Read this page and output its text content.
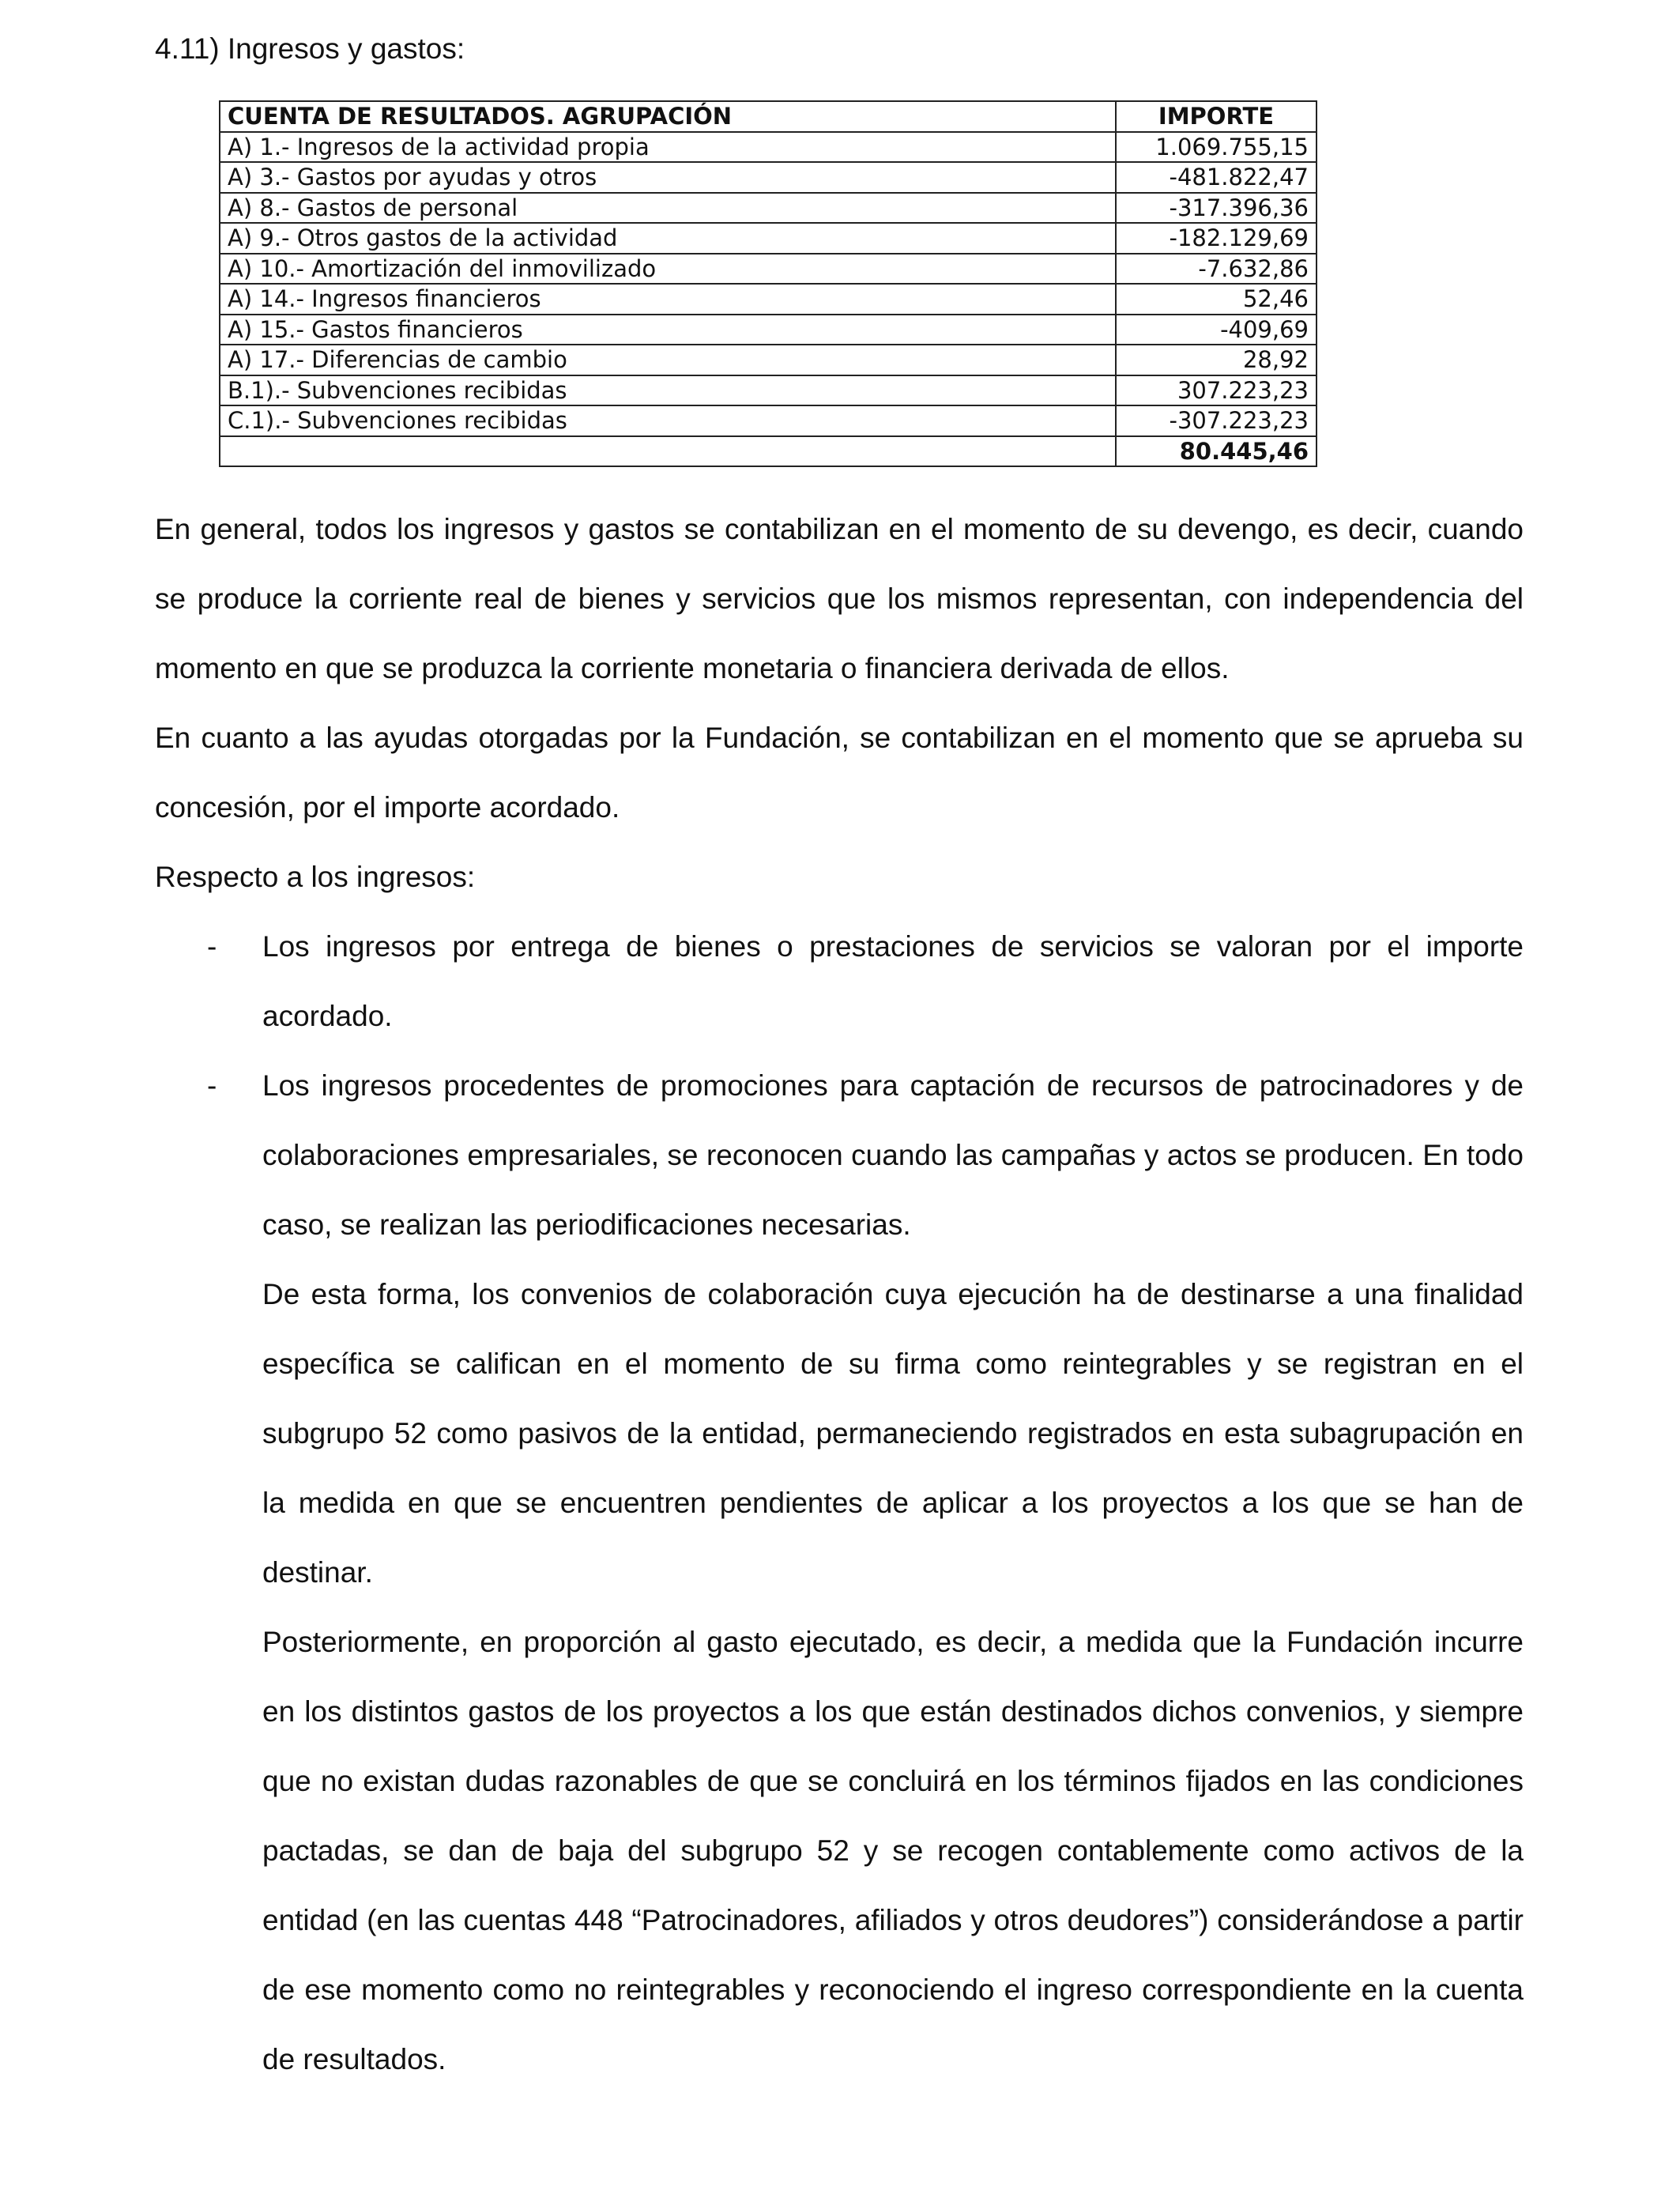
4.11) Ingresos y gastos:
CUENTA DE RESULTADOS. AGRUPACIÓN	IMPORTE
A) 1.- Ingresos de la actividad propia	1.069.755,15
A) 3.- Gastos por ayudas y otros	-481.822,47
A) 8.- Gastos de personal	-317.396,36
A) 9.- Otros gastos de la actividad	-182.129,69
A) 10.- Amortización del inmovilizado	-7.632,86
A) 14.- Ingresos financieros	52,46
A) 15.- Gastos financieros	-409,69
A) 17.- Diferencias de cambio	28,92
B.1).- Subvenciones recibidas	307.223,23
C.1).- Subvenciones recibidas	-307.223,23
	80.445,46
En general, todos los ingresos y gastos se contabilizan en el momento de su devengo, es decir, cuando se produce la corriente real de bienes y servicios que los mismos representan, con independencia del momento en que se produzca la corriente monetaria o financiera derivada de ellos.
En cuanto a las ayudas otorgadas por la Fundación, se contabilizan en el momento que se aprueba su concesión, por el importe acordado.
Respecto a los ingresos:
- Los ingresos por entrega de bienes o prestaciones de servicios se valoran por el importe acordado.
- Los ingresos procedentes de promociones para captación de recursos de patrocinadores y de colaboraciones empresariales, se reconocen cuando las campañas y actos se producen. En todo caso, se realizan las periodificaciones necesarias.
De esta forma, los convenios de colaboración cuya ejecución ha de destinarse a una finalidad específica se califican en el momento de su firma como reintegrables y se registran en el subgrupo 52 como pasivos de la entidad, permaneciendo registrados en esta subagrupación en la medida en que se encuentren pendientes de aplicar a los proyectos a los que se han de destinar.
Posteriormente, en proporción al gasto ejecutado, es decir, a medida que la Fundación incurre en los distintos gastos de los proyectos a los que están destinados dichos convenios, y siempre que no existan dudas razonables de que se concluirá en los términos fijados en las condiciones pactadas, se dan de baja del subgrupo 52 y se recogen contablemente como activos de la entidad (en las cuentas 448 “Patrocinadores, afiliados y otros deudores”) considerándose a partir de ese momento como no reintegrables y reconociendo el ingreso correspondiente en la cuenta de resultados.
